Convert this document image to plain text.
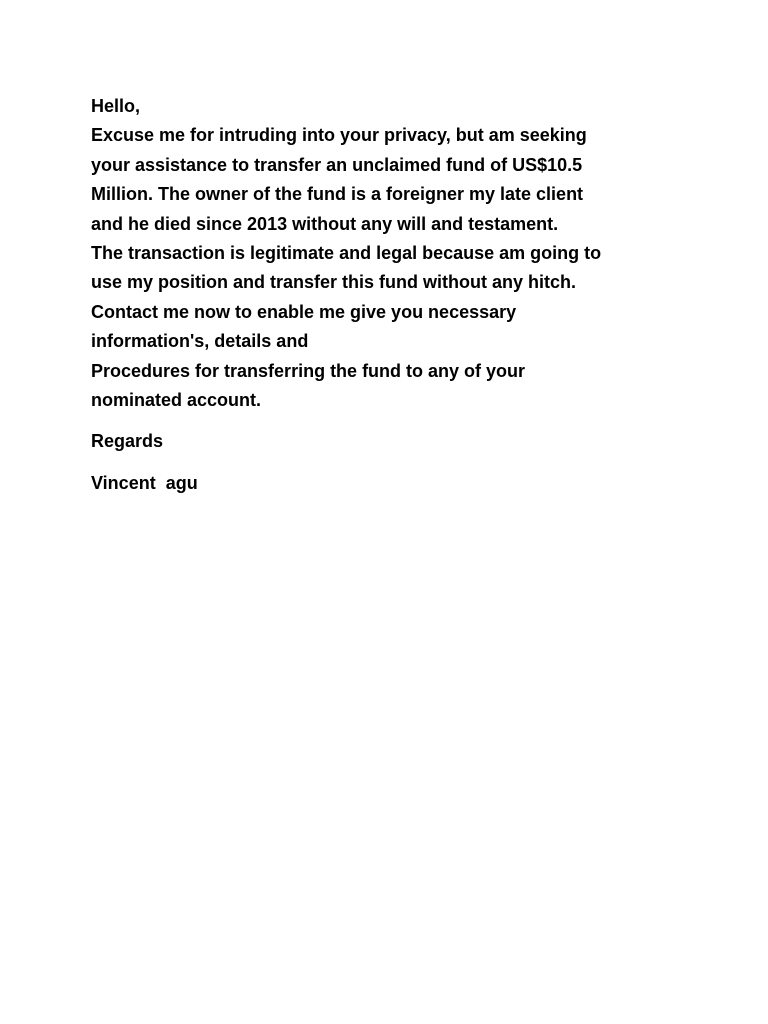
Hello,
Excuse me for intruding into your privacy, but am seeking
your assistance to transfer an unclaimed fund of US$10.5
Million. The owner of the fund is a foreigner my late client
and he died since 2013 without any will and testament.
The transaction is legitimate and legal because am going to
use my position and transfer this fund without any hitch.
Contact me now to enable me give you necessary
information's, details and
Procedures for transferring the fund to any of your
nominated account.
Regards
Vincent  agu
